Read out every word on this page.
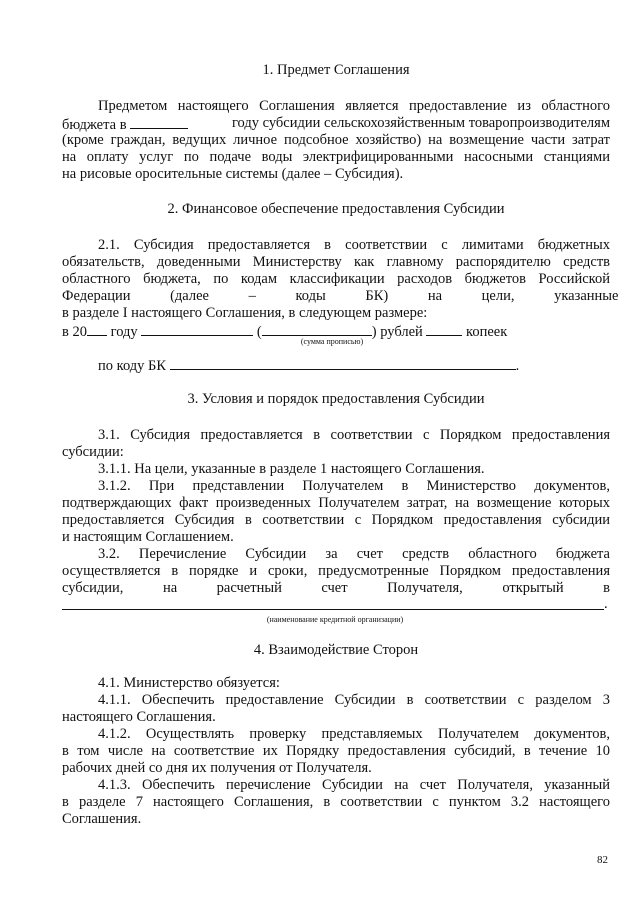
1. Предмет Соглашения
Предметом настоящего Соглашения является предоставление из областного
бюджета в	году субсидии сельскохозяйственным товаропроизводителям
(кроме граждан, ведущих личное подсобное хозяйство) на возмещение части затрат
на оплату услуг по подаче воды электрифицированными насосными станциями
на рисовые оросительные системы (далее – Субсидия).
2. Финансовое обеспечение предоставления Субсидии
2.1. Субсидия предоставляется в соответствии с лимитами бюджетных
обязательств, доведенными Министерству как главному распорядителю средств
областного бюджета, по кодам классификации расходов бюджетов Российской
Федерации (далее – коды БК) на цели, указанные
в разделе I настоящего Соглашения, в следующем размере:
в 20 году	(	) рублей	копеек
(сумма прописью)
по коду БК	.
3. Условия и порядок предоставления Субсидии
3.1. Субсидия предоставляется в соответствии с Порядком предоставления
субсидии:
3.1.1. На цели, указанные в разделе 1 настоящего Соглашения.
3.1.2. При представлении Получателем в Министерство документов,
подтверждающих факт произведенных Получателем затрат, на возмещение которых
предоставляется Субсидия в соответствии с Порядком предоставления субсидии
и настоящим Соглашением.
3.2. Перечисление Субсидии за счет средств областного бюджета
осуществляется в порядке и сроки, предусмотренные Порядком предоставления
субсидии, на расчетный счет Получателя, открытый в
.
(наименование кредитной организации)
4. Взаимодействие Сторон
4.1. Министерство обязуется:
4.1.1. Обеспечить предоставление Субсидии в соответствии с разделом 3
настоящего Соглашения.
4.1.2. Осуществлять проверку представляемых Получателем документов,
в том числе на соответствие их Порядку предоставления субсидий, в течение 10
рабочих дней со дня их получения от Получателя.
4.1.3. Обеспечить перечисление Субсидии на счет Получателя, указанный
в разделе 7 настоящего Соглашения, в соответствии с пунктом 3.2 настоящего
Соглашения.
82
